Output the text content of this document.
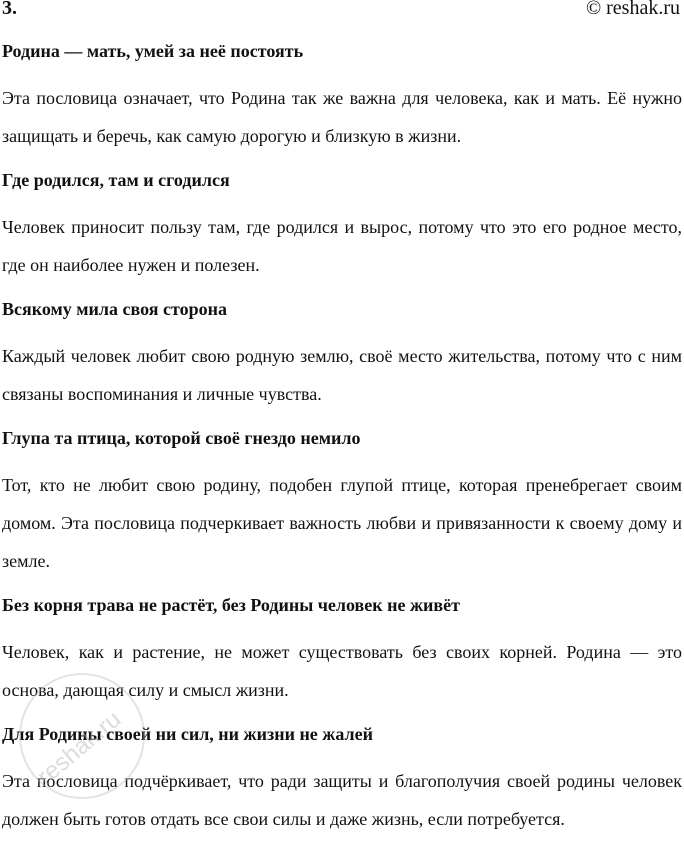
3.	© reshak.ru
Родина — мать, умей за неё постоять
Эта пословица означает, что Родина так же важна для человека, как и мать. Её нужно защищать и беречь, как самую дорогую и близкую в жизни.
Где родился, там и сгодился
Человек приносит пользу там, где родился и вырос, потому что это его родное место, где он наиболее нужен и полезен.
Всякому мила своя сторона
Каждый человек любит свою родную землю, своё место жительства, потому что с ним связаны воспоминания и личные чувства.
Глупа та птица, которой своё гнездо немило
Тот, кто не любит свою родину, подобен глупой птице, которая пренебрегает своим домом. Эта пословица подчеркивает важность любви и привязанности к своему дому и земле.
Без корня трава не растёт, без Родины человек не живёт
Человек, как и растение, не может существовать без своих корней. Родина — это основа, дающая силу и смысл жизни.
Для Родины своей ни сил, ни жизни не жалей
Эта пословица подчёркивает, что ради защиты и благополучия своей родины человек должен быть готов отдать все свои силы и даже жизнь, если потребуется.
reshak.ru
